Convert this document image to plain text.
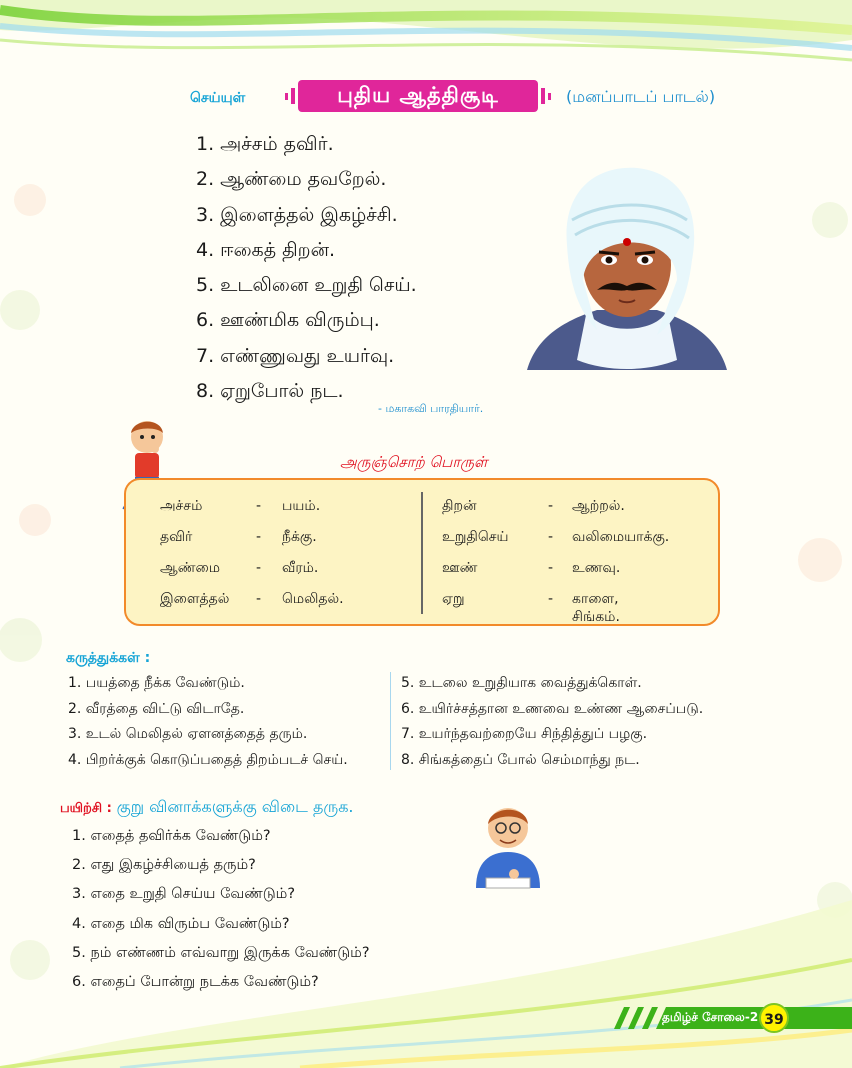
செய்யுள்	புதிய ஆத்திசூடி	(மனப்பாடப் பாடல்)
1. அச்சம் தவிர்.
2. ஆண்மை தவறேல்.
3. இளைத்தல் இகழ்ச்சி.
4. ஈகைத் திறன்.
5. உடலினை உறுதி செய்.
6. ஊண்மிக விரும்பு.
7. எண்ணுவது உயர்வு.
8. ஏறுபோல் நட.
- மகாகவி பாரதியார்.
அருஞ்சொற் பொருள்
அச்சம்	- பயம்.
தவிர்	- நீக்கு.
ஆண்மை	- வீரம்.
இளைத்தல் - மெலிதல்.
திறன்	- ஆற்றல்.
உறுதிசெய்	- வலிமையாக்கு.
ஊண்	- உணவு.
ஏறு	- காளை, சிங்கம்.
கருத்துக்கள் :
1. பயத்தை நீக்க வேண்டும்.
2. வீரத்தை விட்டு விடாதே.
3. உடல் மெலிதல் ஏளனத்தைத் தரும்.
4. பிறர்க்குக் கொடுப்பதைத் திறம்படச் செய்.
5. உடலை உறுதியாக வைத்துக்கொள்.
6. உயிர்ச்சத்தான உணவை உண்ண ஆசைப்படு.
7. உயர்ந்தவற்றையே சிந்தித்துப் பழகு.
8. சிங்கத்தைப் போல் செம்மாந்து நட.
பயிற்சி : குறு வினாக்களுக்கு விடை தருக.
1. எதைத் தவிர்க்க வேண்டும்?
2. எது இகழ்ச்சியைத் தரும்?
3. எதை உறுதி செய்ய வேண்டும்?
4. எதை மிக விரும்ப வேண்டும்?
5. நம் எண்ணம் எவ்வாறு இருக்க வேண்டும்?
6. எதைப் போன்று நடக்க வேண்டும்?
தமிழ்ச் சோலை-2 39
